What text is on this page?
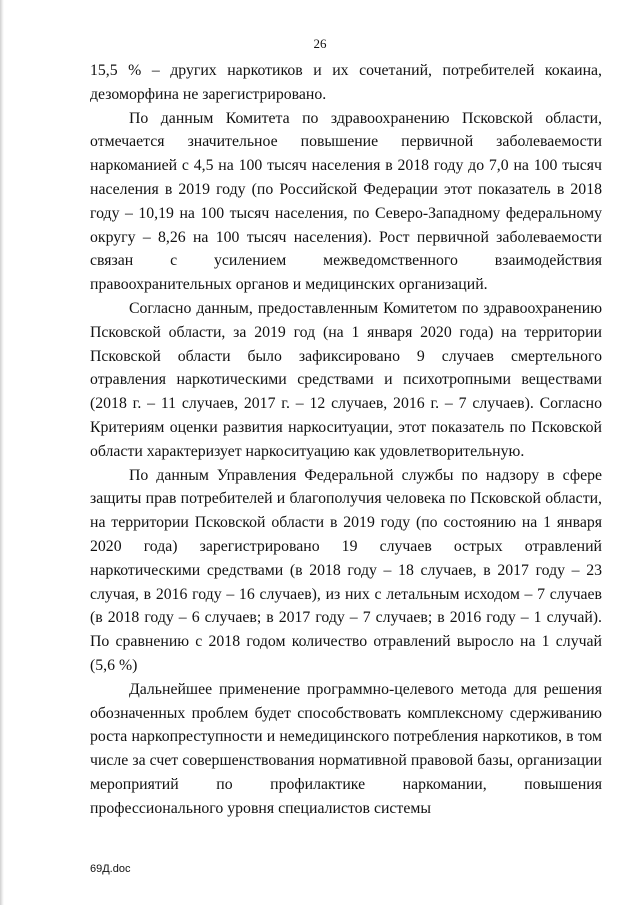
26

15,5 % – других наркотиков и их сочетаний, потребителей кокаина, дезоморфина не зарегистрировано.

По данным Комитета по здравоохранению Псковской области, отмечается значительное повышение первичной заболеваемости наркоманией с 4,5 на 100 тысяч населения в 2018 году до 7,0 на 100 тысяч населения в 2019 году (по Российской Федерации этот показатель в 2018 году – 10,19 на 100 тысяч населения, по Северо-Западному федеральному округу – 8,26 на 100 тысяч населения). Рост первичной заболеваемости связан с усилением межведомственного взаимодействия правоохранительных органов и медицинских организаций.

Согласно данным, предоставленным Комитетом по здравоохранению Псковской области, за 2019 год (на 1 января 2020 года) на территории Псковской области было зафиксировано 9 случаев смертельного отравления наркотическими средствами и психотропными веществами (2018 г. – 11 случаев, 2017 г. – 12 случаев, 2016 г. – 7 случаев). Согласно Критериям оценки развития наркоситуации, этот показатель по Псковской области характеризует наркоситуацию как удовлетворительную.

По данным Управления Федеральной службы по надзору в сфере защиты прав потребителей и благополучия человека по Псковской области, на территории Псковской области в 2019 году (по состоянию на 1 января 2020 года) зарегистрировано 19 случаев острых отравлений наркотическими средствами (в 2018 году – 18 случаев, в 2017 году – 23 случая, в 2016 году – 16 случаев), из них с летальным исходом – 7 случаев (в 2018 году – 6 случаев; в 2017 году – 7 случаев; в 2016 году – 1 случай). По сравнению с 2018 годом количество отравлений выросло на 1 случай (5,6 %)

Дальнейшее применение программно-целевого метода для решения обозначенных проблем будет способствовать комплексному сдерживанию роста наркопреступности и немедицинского потребления наркотиков, в том числе за счет совершенствования нормативной правовой базы, организации мероприятий по профилактике наркомании, повышения профессионального уровня специалистов системы

69Д.doc
